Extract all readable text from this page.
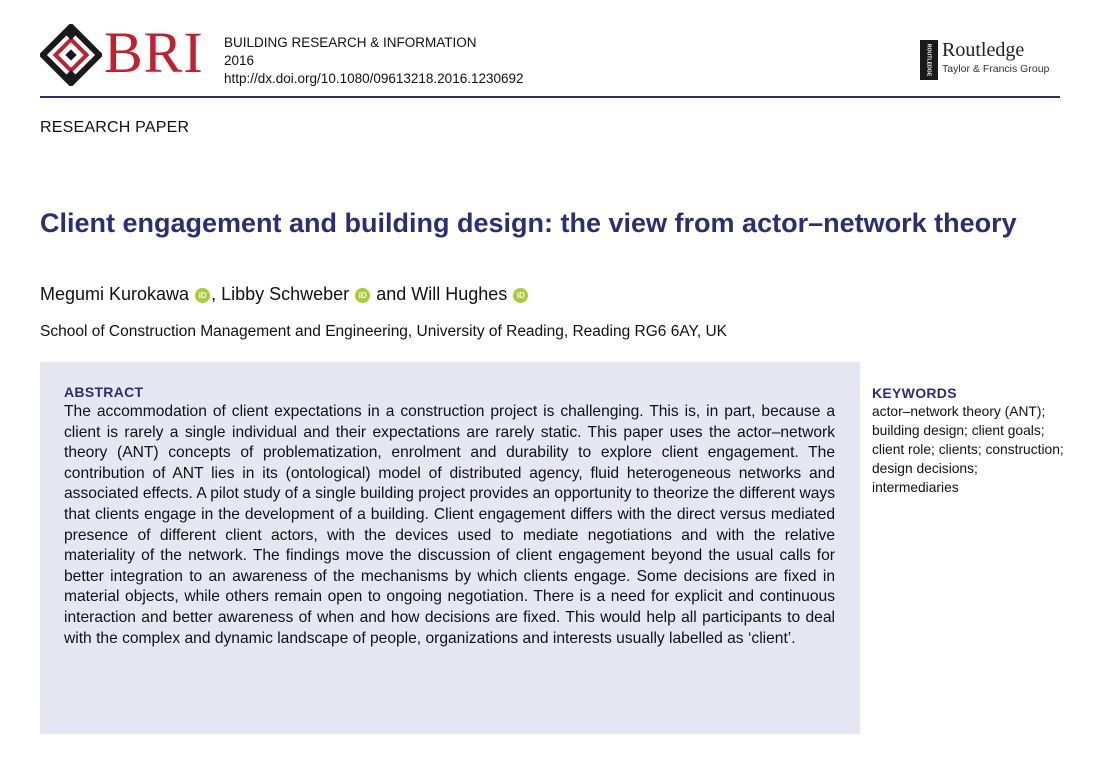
BRI BUILDING RESEARCH & INFORMATION
2016
http://dx.doi.org/10.1080/09613218.2016.1230692
ROUTLEDGE Routledge
Taylor & Francis Group
RESEARCH PAPER
Client engagement and building design: the view from actor–network theory
Megumi Kurokawa iD , Libby Schweber iD and Will Hughes iD
School of Construction Management and Engineering, University of Reading, Reading RG6 6AY, UK
ABSTRACT
The accommodation of client expectations in a construction project is challenging. This is, in part, because a client is rarely a single individual and their expectations are rarely static. This paper uses the actor–network theory (ANT) concepts of problematization, enrolment and durability to explore client engagement. The contribution of ANT lies in its (ontological) model of distributed agency, fluid heterogeneous networks and associated effects. A pilot study of a single building project provides an opportunity to theorize the different ways that clients engage in the development of a building. Client engagement differs with the direct versus mediated presence of different client actors, with the devices used to mediate negotiations and with the relative materiality of the network. The findings move the discussion of client engagement beyond the usual calls for better integration to an awareness of the mechanisms by which clients engage. Some decisions are fixed in material objects, while others remain open to ongoing negotiation. There is a need for explicit and continuous interaction and better awareness of when and how decisions are fixed. This would help all participants to deal with the complex and dynamic landscape of people, organizations and interests usually labelled as ‘client’.
KEYWORDS
actor–network theory (ANT); building design; client goals; client role; clients; construction; design decisions; intermediaries
